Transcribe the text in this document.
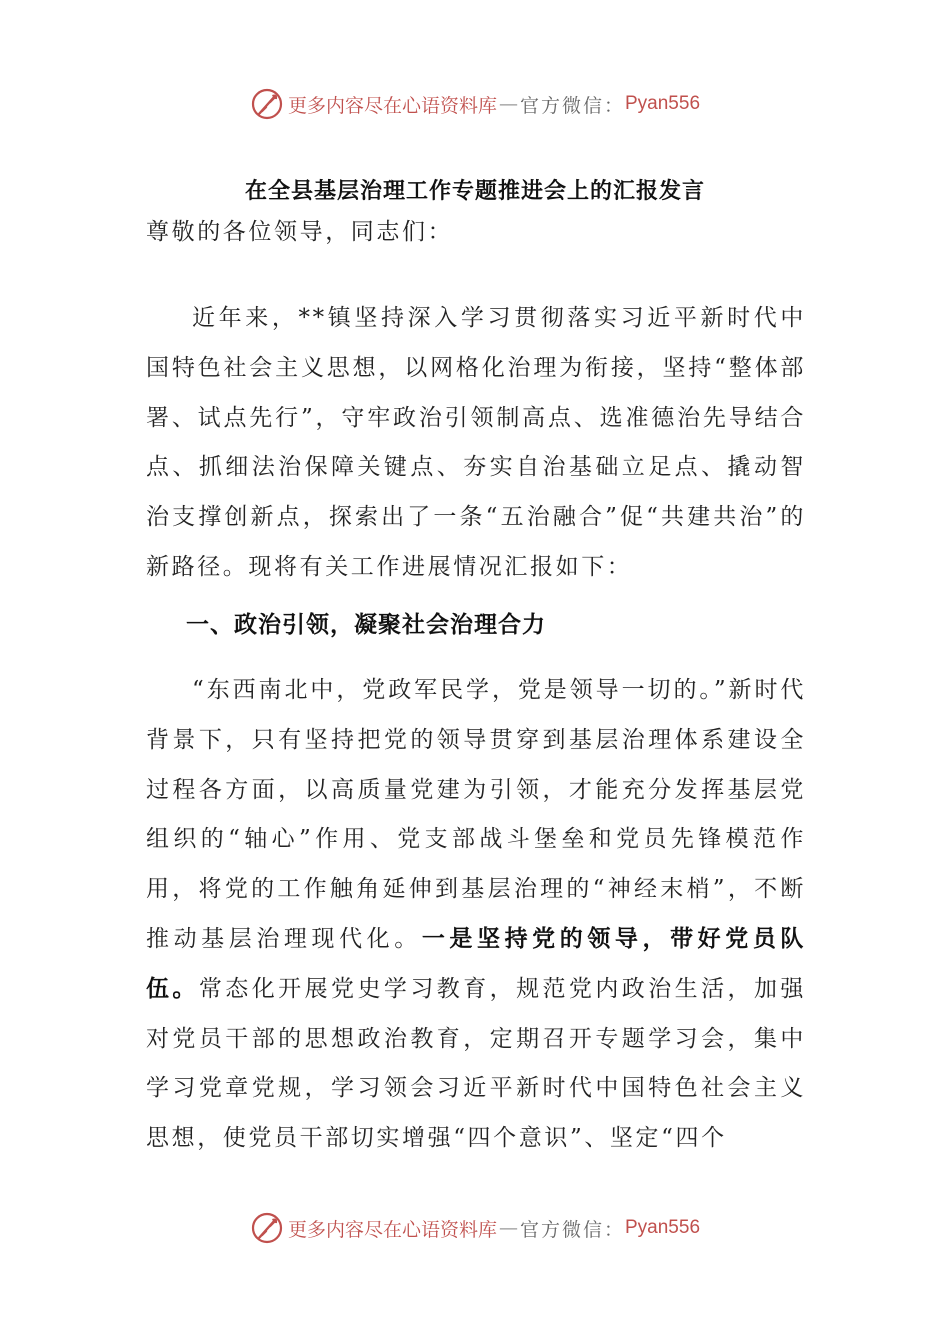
更多内容尽在心语资料库 — 官方微信： Pyan556
在全县基层治理工作专题推进会上的汇报发言
尊敬的各位领导，同志们：
近年来，**镇坚持深入学习贯彻落实习近平新时代中国特色社会主义思想，以网格化治理为衔接，坚持“整体部署、试点先行”，守牢政治引领制高点、选准德治先导结合点、抓细法治保障关键点、夯实自治基础立足点、撬动智治支撑创新点，探索出了一条“五治融合”促“共建共治”的新路径。现将有关工作进展情况汇报如下：
一、政治引领，凝聚社会治理合力
“东西南北中，党政军民学，党是领导一切的。”新时代背景下，只有坚持把党的领导贯穿到基层治理体系建设全过程各方面，以高质量党建为引领，才能充分发挥基层党组织的“轴心”作用、党支部战斗堡垒和党员先锋模范作用，将党的工作触角延伸到基层治理的“神经末梢”，不断推动基层治理现代化。一是坚持党的领导，带好党员队伍。常态化开展党史学习教育，规范党内政治生活，加强对党员干部的思想政治教育，定期召开专题学习会，集中学习党章党规，学习领会习近平新时代中国特色社会主义思想，使党员干部切实增强“四个意识”、坚定“四个
更多内容尽在心语资料库 — 官方微信： Pyan556
